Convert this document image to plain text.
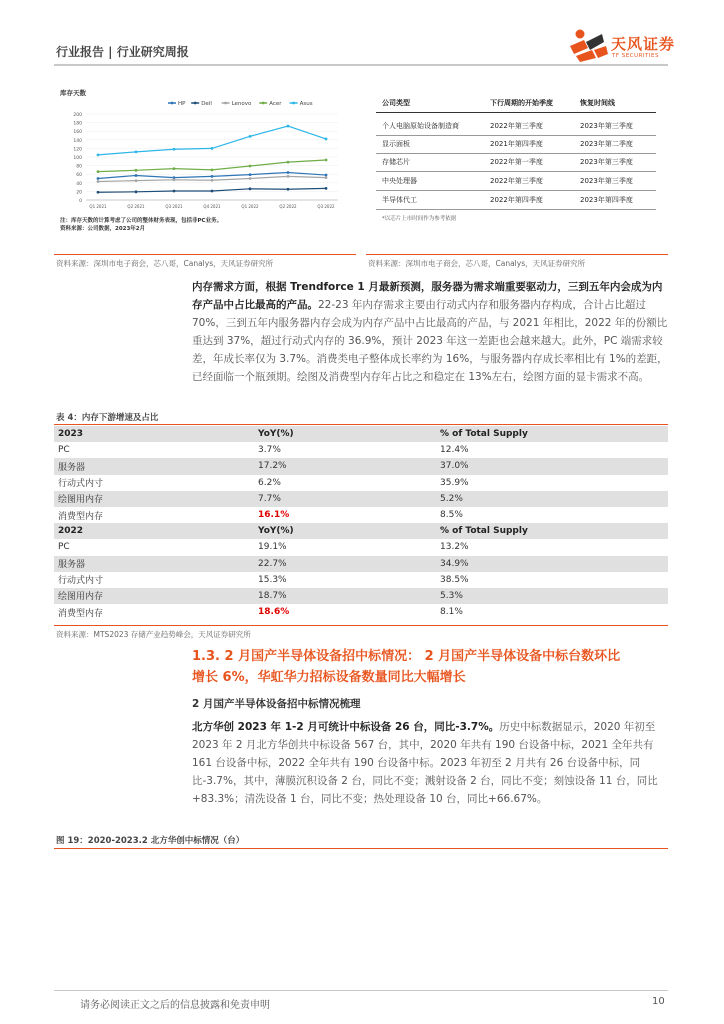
行业报告 | 行业研究周报	天风证券
TF SECURITIES
库存天数
HP	Dell	Lenovo	Acer	Asus
0
20
40
60
80
100
120
140
160
180
200
Q1 2021	Q2 2021	Q3 2021	Q4 2021	Q1 2022	Q2 2022	Q3 2022
注：库存天数的计算考虑了公司的整体财务表现，包括非PC业务。
资料来源：公司数据，2023年2月
资料来源：深圳市电子商会，芯八哥，Canalys，天风证券研究所
公司类型	下行周期的开始季度	恢复时间线
个人电脑原始设备制造商	2022年第三季度	2023年第三季度
显示面板	2021年第四季度	2023年第二季度
存储芯片	2022年第一季度	2023年第三季度
中央处理器	2022年第三季度	2023年第三季度
半导体代工	2022年第四季度	2023年第四季度
*以芯片上市时间作为参考依据
资料来源：深圳市电子商会，芯八哥，Canalys，天风证券研究所
内存需求方面，根据 Trendforce 1 月最新预测，服务器为需求端重要驱动力，三到五年内会成为内存产品中占比最高的产品。22-23 年内存需求主要由行动式内存和服务器内存构成，合计占比超过 70%，三到五年内服务器内存会成为内存产品中占比最高的产品，与 2021 年相比，2022 年的份额比重达到 37%，超过行动式内存的 36.9%，预计 2023 年这一差距也会越来越大。此外，PC 端需求较差，年成长率仅为 3.7%。消费类电子整体成长率约为 16%，与服务器内存成长率相比有 1%的差距，已经面临一个瓶颈期。绘图及消费型内存年占比之和稳定在 13%左右，绘图方面的显卡需求不高。
表 4：内存下游增速及占比
2023	YoY(%)	% of Total Supply
PC	3.7%	12.4%
服务器	17.2%	37.0%
行动式内寸	6.2%	35.9%
绘图用内存	7.7%	5.2%
消费型内存	16.1%	8.5%
2022	YoY(%)	% of Total Supply
PC	19.1%	13.2%
服务器	22.7%	34.9%
行动式内寸	15.3%	38.5%
绘图用内存	18.7%	5.3%
消费型内存	18.6%	8.1%
资料来源：MTS2023 存储产业趋势峰会，天风证券研究所
1.3. 2 月国产半导体设备招中标情况： 2 月国产半导体设备中标台数环比
增长 6%，华虹华力招标设备数量同比大幅增长
2 月国产半导体设备招中标情况梳理
北方华创 2023 年 1-2 月可统计中标设备 26 台，同比-3.7%。历史中标数据显示，2020 年初至 2023 年 2 月北方华创共中标设备 567 台，其中，2020 年共有 190 台设备中标，2021 全年共有 161 台设备中标，2022 全年共有 190 台设备中标。2023 年初至 2 月共有 26 台设备中标，同比-3.7%，其中，薄膜沉积设备 2 台，同比不变；溅射设备 2 台，同比不变；刻蚀设备 11 台，同比+83.3%；清洗设备 1 台，同比不变；热处理设备 10 台，同比+66.67%。
图 19：2020-2023.2 北方华创中标情况（台）
请务必阅读正文之后的信息披露和免责申明	10
